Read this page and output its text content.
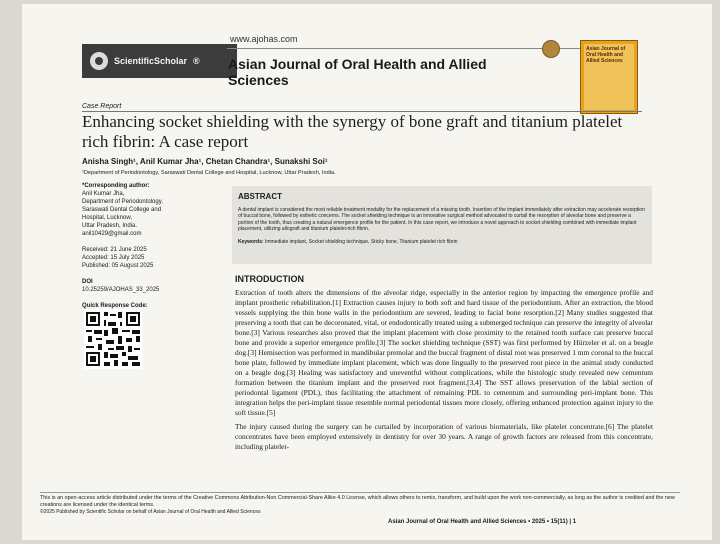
www.ajohas.com
ScientificScholar ® Asian Journal of Oral Health and Allied Sciences
Asian Journal of Oral Health and Allied Sciences
Case Report
Enhancing socket shielding with the synergy of bone graft and titanium platelet rich fibrin: A case report
Anisha Singh¹, Anil Kumar Jha¹, Chetan Chandra¹, Sunakshi Soi¹
¹Department of Periodontology, Saraswati Dental College and Hospital, Lucknow, Uttar Pradesh, India.
*Corresponding author:
Anil Kumar Jha,
Department of Periodontology,
Saraswati Dental College and
Hospital, Lucknow,
Uttar Pradesh, India.
anil10429@gmail.com
Received: 21 June 2025
Accepted: 15 July 2025
Published: 05 August 2025
DOI
10.25259/AJOHAS_33_2025
Quick Response Code:
ABSTRACT
A dental implant is considered the most reliable treatment modality for the replacement of a missing tooth. Insertion of the implant immediately after extraction may accelerate resorption of buccal bone, followed by esthetic concerns. The socket shielding technique is an innovative surgical method advocated to curtail the resorption of alveolar bone and preserve a portion of the tooth, thus creating a natural emergence profile for the patient. In this case report, we introduce a novel approach to socket shielding combined with immediate implant placement, utilizing allograft and titanium platelet-rich fibrin.
Keywords: Immediate implant, Socket shielding technique, Sticky bone, Titanium platelet rich fibrin
INTRODUCTION

Extraction of tooth alters the dimensions of the alveolar ridge, especially in the anterior region by impacting the emergence profile and implant prosthetic rehabilitation.[1] Extraction causes injury to both soft and hard tissue of the periodontium. After an extraction, the blood vessels supplying the thin bone walls in the periodontium are severed, leading to facial bone resorption.[2] Many studies suggested that preserving a tooth that can be decoronated, vital, or endodontically treated using a submerged technique can preserve the integrity of alveolar bone.[3] Various researches also proved that the implant placement with close proximity to the retained tooth surface can preserve buccal bone and provide a superior emergence profile.[3] The socket shielding technique (SST) was first performed by Hürzeler et al. on a beagle dog.[3] Hemisection was performed in mandibular premolar and the buccal fragment of distal root was preserved 1 mm coronal to the buccal bone plate, followed by immediate implant placement, which was done lingually to the preserved root piece in the animal study conducted on a beagle dog.[3] Healing was satisfactory and uneventful without complications, while the histologic study revealed new cementum formation between the titanium implant and the preserved root fragment.[3,4] The SST allows preservation of the labial section of periodontal ligament (PDL), thus facilitating the attachment of remaining PDL to cementum and surrounding peri-implant bone. This integration helps the peri-implant tissue resemble normal periodontal tissues more closely, offering enhanced protection against injury to the soft tissue.[5]

The injury caused during the surgery can be curtailed by incorporation of various biomaterials, like platelet concentrate.[6] The platelet concentrates have been employed extensively in dentistry for over 30 years. A range of growth factors are released from this concentrate, including platelet-

This is an open-access article distributed under the terms of the Creative Commons Attribution-Non Commercial-Share Alike 4.0 License, which allows others to remix, transform, and build upon the work non-commercially, as long as the author is credited and the new creations are licensed under the identical terms.
©2025 Published by Scientific Scholar on behalf of Asian Journal of Oral Health and Allied Sciences
Asian Journal of Oral Health and Allied Sciences • 2025 • 15(11) | 1
